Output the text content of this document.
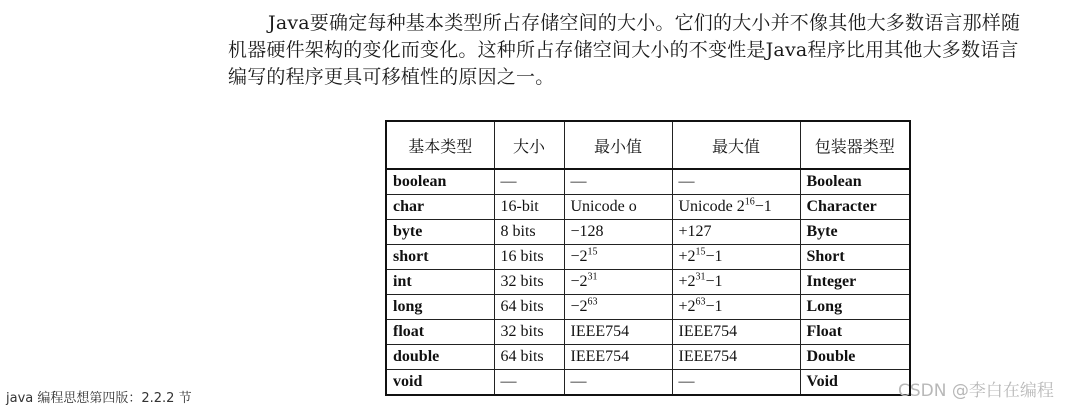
Java要确定每种基本类型所占存储空间的大小。它们的大小并不像其他大多数语言那样随
机器硬件架构的变化而变化。这种所占存储空间大小的不变性是Java程序比用其他大多数语言
编写的程序更具可移植性的原因之一。
基本类型	大小	最小值	最大值	包装器类型
boolean	—	—	—	Boolean
char	16-bit	Unicode o	Unicode $2^{16}-1$	Character
byte	8 bits	−128	+127	Byte
short	16 bits	$-2^{15}$	$+2^{15}-1$	Short
int	32 bits	$-2^{31}$	$+2^{31}-1$	Integer
long	64 bits	$-2^{63}$	$+2^{63}-1$	Long
float	32 bits	IEEE754	IEEE754	Float
double	64 bits	IEEE754	IEEE754	Double
void	—	—	—	Void
java 编程思想第四版：2.2.2 节	CSDN @李白在编程
